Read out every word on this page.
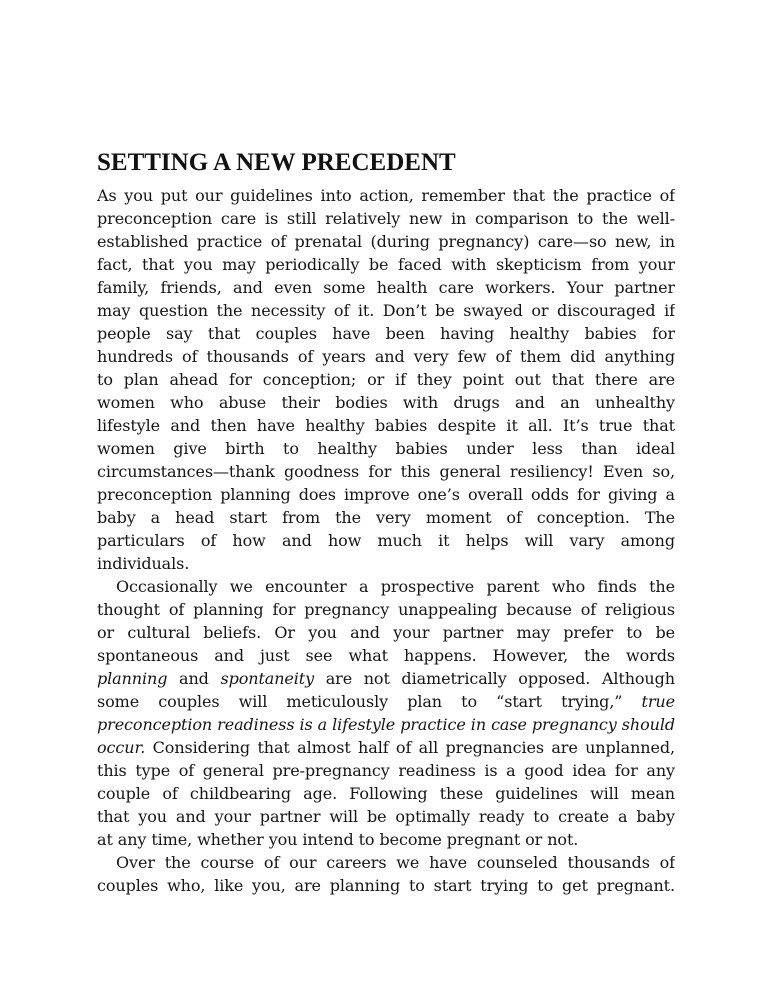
SETTING A NEW PRECEDENT
As you put our guidelines into action, remember that the practice of
preconception care is still relatively new in comparison to the well-
established practice of prenatal (during pregnancy) care—so new, in
fact, that you may periodically be faced with skepticism from your
family, friends, and even some health care workers. Your partner
may question the necessity of it. Don’t be swayed or discouraged if
people say that couples have been having healthy babies for
hundreds of thousands of years and very few of them did anything
to plan ahead for conception; or if they point out that there are
women who abuse their bodies with drugs and an unhealthy
lifestyle and then have healthy babies despite it all. It’s true that
women give birth to healthy babies under less than ideal
circumstances—thank goodness for this general resiliency! Even so,
preconception planning does improve one’s overall odds for giving a
baby a head start from the very moment of conception. The
particulars of how and how much it helps will vary among
individuals.
Occasionally we encounter a prospective parent who finds the
thought of planning for pregnancy unappealing because of religious
or cultural beliefs. Or you and your partner may prefer to be
spontaneous and just see what happens. However, the words
planning and spontaneity are not diametrically opposed. Although
some couples will meticulously plan to “start trying,” true
preconception readiness is a lifestyle practice in case pregnancy should
occur. Considering that almost half of all pregnancies are unplanned,
this type of general pre-pregnancy readiness is a good idea for any
couple of childbearing age. Following these guidelines will mean
that you and your partner will be optimally ready to create a baby
at any time, whether you intend to become pregnant or not.
Over the course of our careers we have counseled thousands of
couples who, like you, are planning to start trying to get pregnant.
